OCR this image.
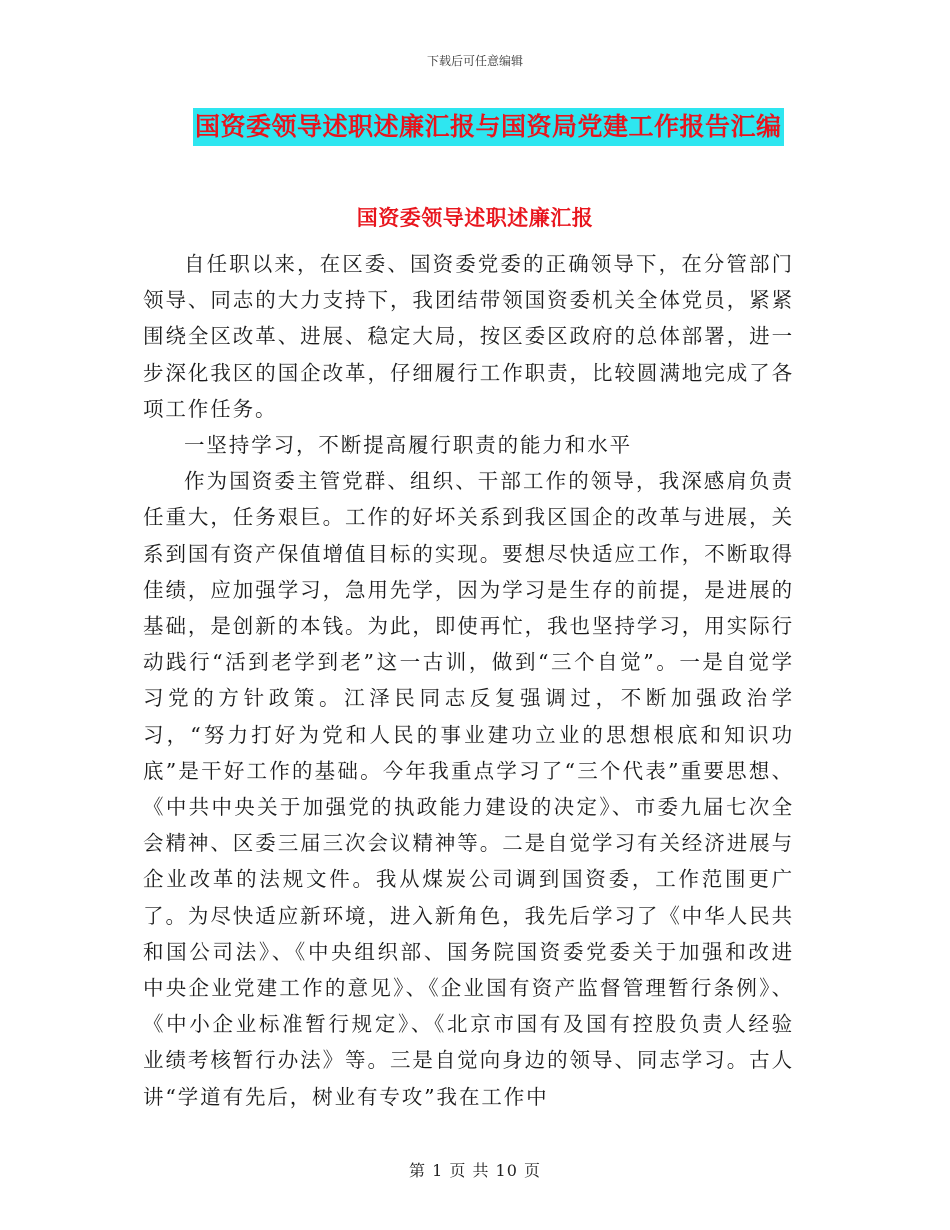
下载后可任意编辑
国资委领导述职述廉汇报与国资局党建工作报告汇编
国资委领导述职述廉汇报

自任职以来，在区委、国资委党委的正确领导下，在分管部门领导、同志的大力支持下，我团结带领国资委机关全体党员，紧紧围绕全区改革、进展、稳定大局，按区委区政府的总体部署，进一步深化我区的国企改革，仔细履行工作职责，比较圆满地完成了各项工作任务。

一坚持学习，不断提高履行职责的能力和水平

作为国资委主管党群、组织、干部工作的领导，我深感肩负责任重大，任务艰巨。工作的好坏关系到我区国企的改革与进展，关系到国有资产保值增值目标的实现。要想尽快适应工作，不断取得佳绩，应加强学习，急用先学，因为学习是生存的前提，是进展的基础，是创新的本钱。为此，即使再忙，我也坚持学习，用实际行动践行“活到老学到老”这一古训，做到“三个自觉”。一是自觉学习党的方针政策。江泽民同志反复强调过，不断加强政治学习，“努力打好为党和人民的事业建功立业的思想根底和知识功底”是干好工作的基础。今年我重点学习了“三个代表”重要思想、《中共中央关于加强党的执政能力建设的决定》、市委九届七次全会精神、区委三届三次会议精神等。二是自觉学习有关经济进展与企业改革的法规文件。我从煤炭公司调到国资委，工作范围更广了。为尽快适应新环境，进入新角色，我先后学习了《中华人民共和国公司法》、《中央组织部、国务院国资委党委关于加强和改进中央企业党建工作的意见》、《企业国有资产监督管理暂行条例》、《中小企业标准暂行规定》、《北京市国有及国有控股负责人经验业绩考核暂行办法》等。三是自觉向身边的领导、同志学习。古人讲“学道有先后，树业有专攻”我在工作中

第 1 页 共 10 页
